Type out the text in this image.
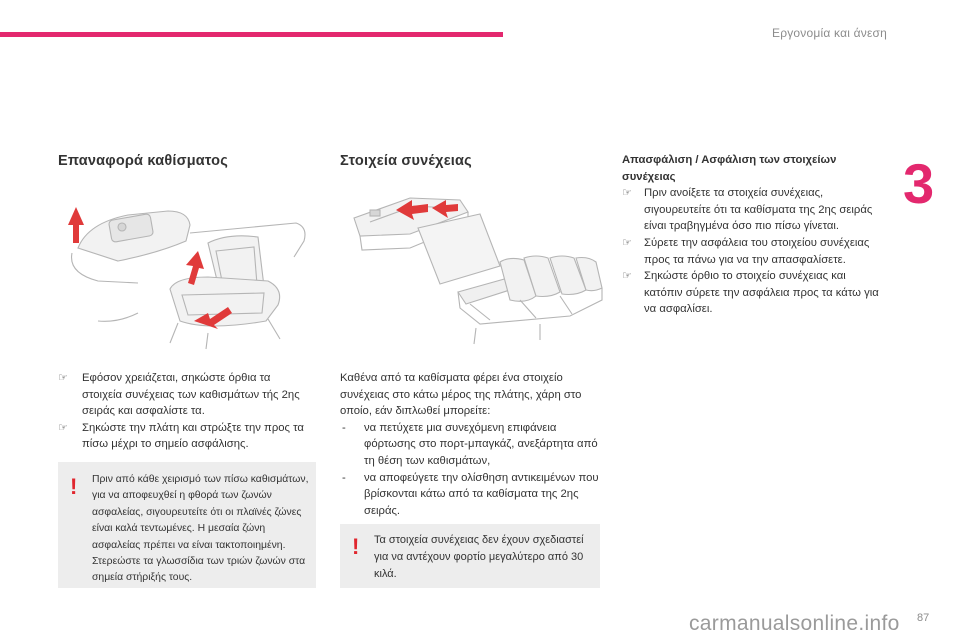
Εργονομία και άνεση
3
Επαναφορά καθίσματος
☞ Εφόσον χρειάζεται, σηκώστε όρθια τα στοιχεία συνέχειας των καθισμάτων τής 2ης σειράς και ασφαλίστε τα.
☞ Σηκώστε την πλάτη και στρώξτε την προς τα πίσω μέχρι το σημείο ασφάλισης.
! Πριν από κάθε χειρισμό των πίσω καθισμάτων, για να αποφευχθεί η φθορά των ζωνών ασφαλείας, σιγουρευτείτε ότι οι πλαϊνές ζώνες είναι καλά τεντωμένες. Η μεσαία ζώνη ασφαλείας πρέπει να είναι τακτοποιημένη. Στερεώστε τα γλωσσίδια των τριών ζωνών στα σημεία στήριξής τους.
Στοιχεία συνέχειας
Καθένα από τα καθίσματα φέρει ένα στοιχείο συνέχειας στο κάτω μέρος της πλάτης, χάρη στο οποίο, εάν διπλωθεί μπορείτε:
- να πετύχετε μια συνεχόμενη επιφάνεια φόρτωσης στο πορτ-μπαγκάζ, ανεξάρτητα από τη θέση των καθισμάτων,
- να αποφεύγετε την ολίσθηση αντικειμένων που βρίσκονται κάτω από τα καθίσματα της 2ης σειράς.
! Τα στοιχεία συνέχειας δεν έχουν σχεδιαστεί για να αντέχουν φορτίο μεγαλύτερο από 30 κιλά.
Απασφάλιση / Ασφάλιση των στοιχείων συνέχειας
☞ Πριν ανοίξετε τα στοιχεία συνέχειας, σιγουρευτείτε ότι τα καθίσματα της 2ης σειράς είναι τραβηγμένα όσο πιο πίσω γίνεται.
☞ Σύρετε την ασφάλεια του στοιχείου συνέχειας προς τα πάνω για να την απασφαλίσετε.
☞ Σηκώστε όρθιο το στοιχείο συνέχειας και κατόπιν σύρετε την ασφάλεια προς τα κάτω για να ασφαλίσει.
carmanualsonline.info 87
